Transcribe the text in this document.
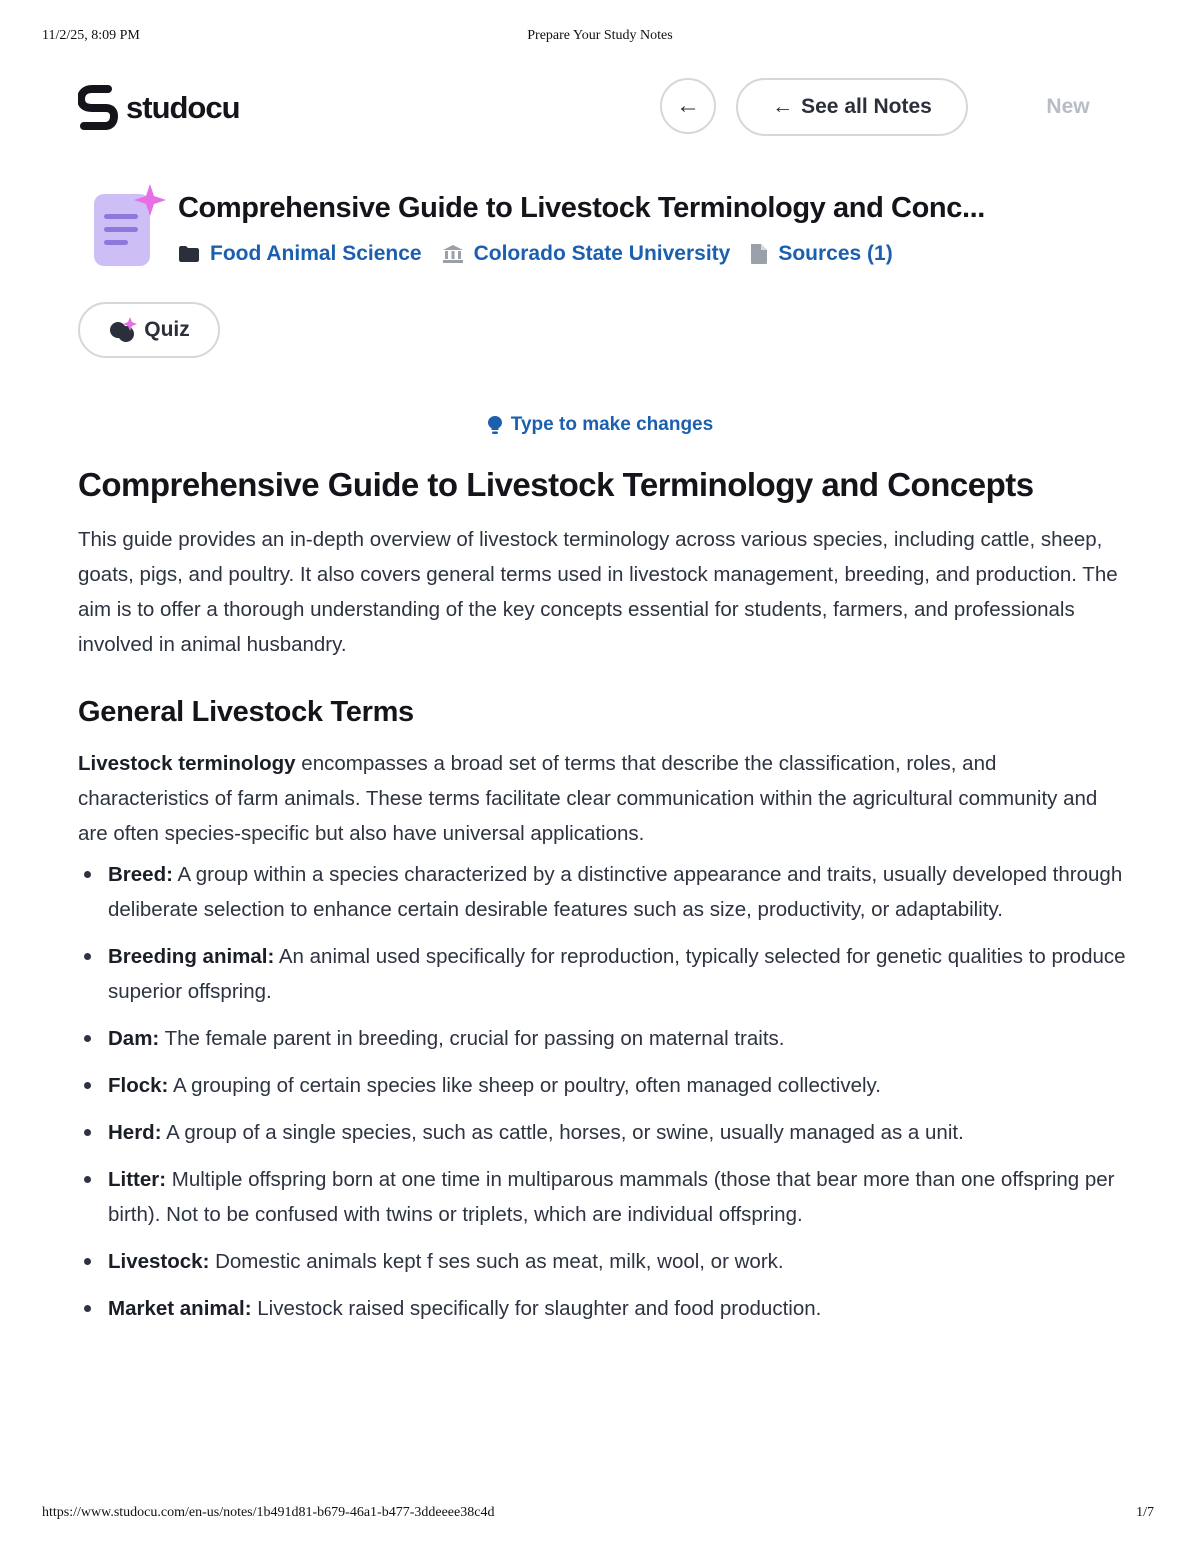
11/2/25, 8:09 PM	Prepare Your Study Notes
studocu	←	← See all Notes	New
Comprehensive Guide to Livestock Terminology and Conc...
Food Animal Science Colorado State University Sources (1)
Quiz
Type to make changes
Comprehensive Guide to Livestock Terminology and Concepts

This guide provides an in-depth overview of livestock terminology across various species, including cattle, sheep, goats, pigs, and poultry. It also covers general terms used in livestock management, breeding, and production. The aim is to offer a thorough understanding of the key concepts essential for students, farmers, and professionals involved in animal husbandry.

General Livestock Terms

Livestock terminology encompasses a broad set of terms that describe the classification, roles, and characteristics of farm animals. These terms facilitate clear communication within the agricultural community and are often species-specific but also have universal applications.

Breed: A group within a species characterized by a distinctive appearance and traits, usually developed through deliberate selection to enhance certain desirable features such as size, productivity, or adaptability.
Breeding animal: An animal used specifically for reproduction, typically selected for genetic qualities to produce superior offspring.
Dam: The female parent in breeding, crucial for passing on maternal traits.
Flock: A grouping of certain species like sheep or poultry, often managed collectively.
Herd: A group of a single species, such as cattle, horses, or swine, usually managed as a unit.
Litter: Multiple offspring born at one time in multiparous mammals (those that bear more than one offspring per birth). Not to be confused with twins or triplets, which are individual offspring.
Livestock: Domestic animals kept f ses such as meat, milk, wool, or work.
Market animal: Livestock raised specifically for slaughter and food production.
https://www.studocu.com/en-us/notes/1b491d81-b679-46a1-b477-3ddeeee38c4d	1/7
